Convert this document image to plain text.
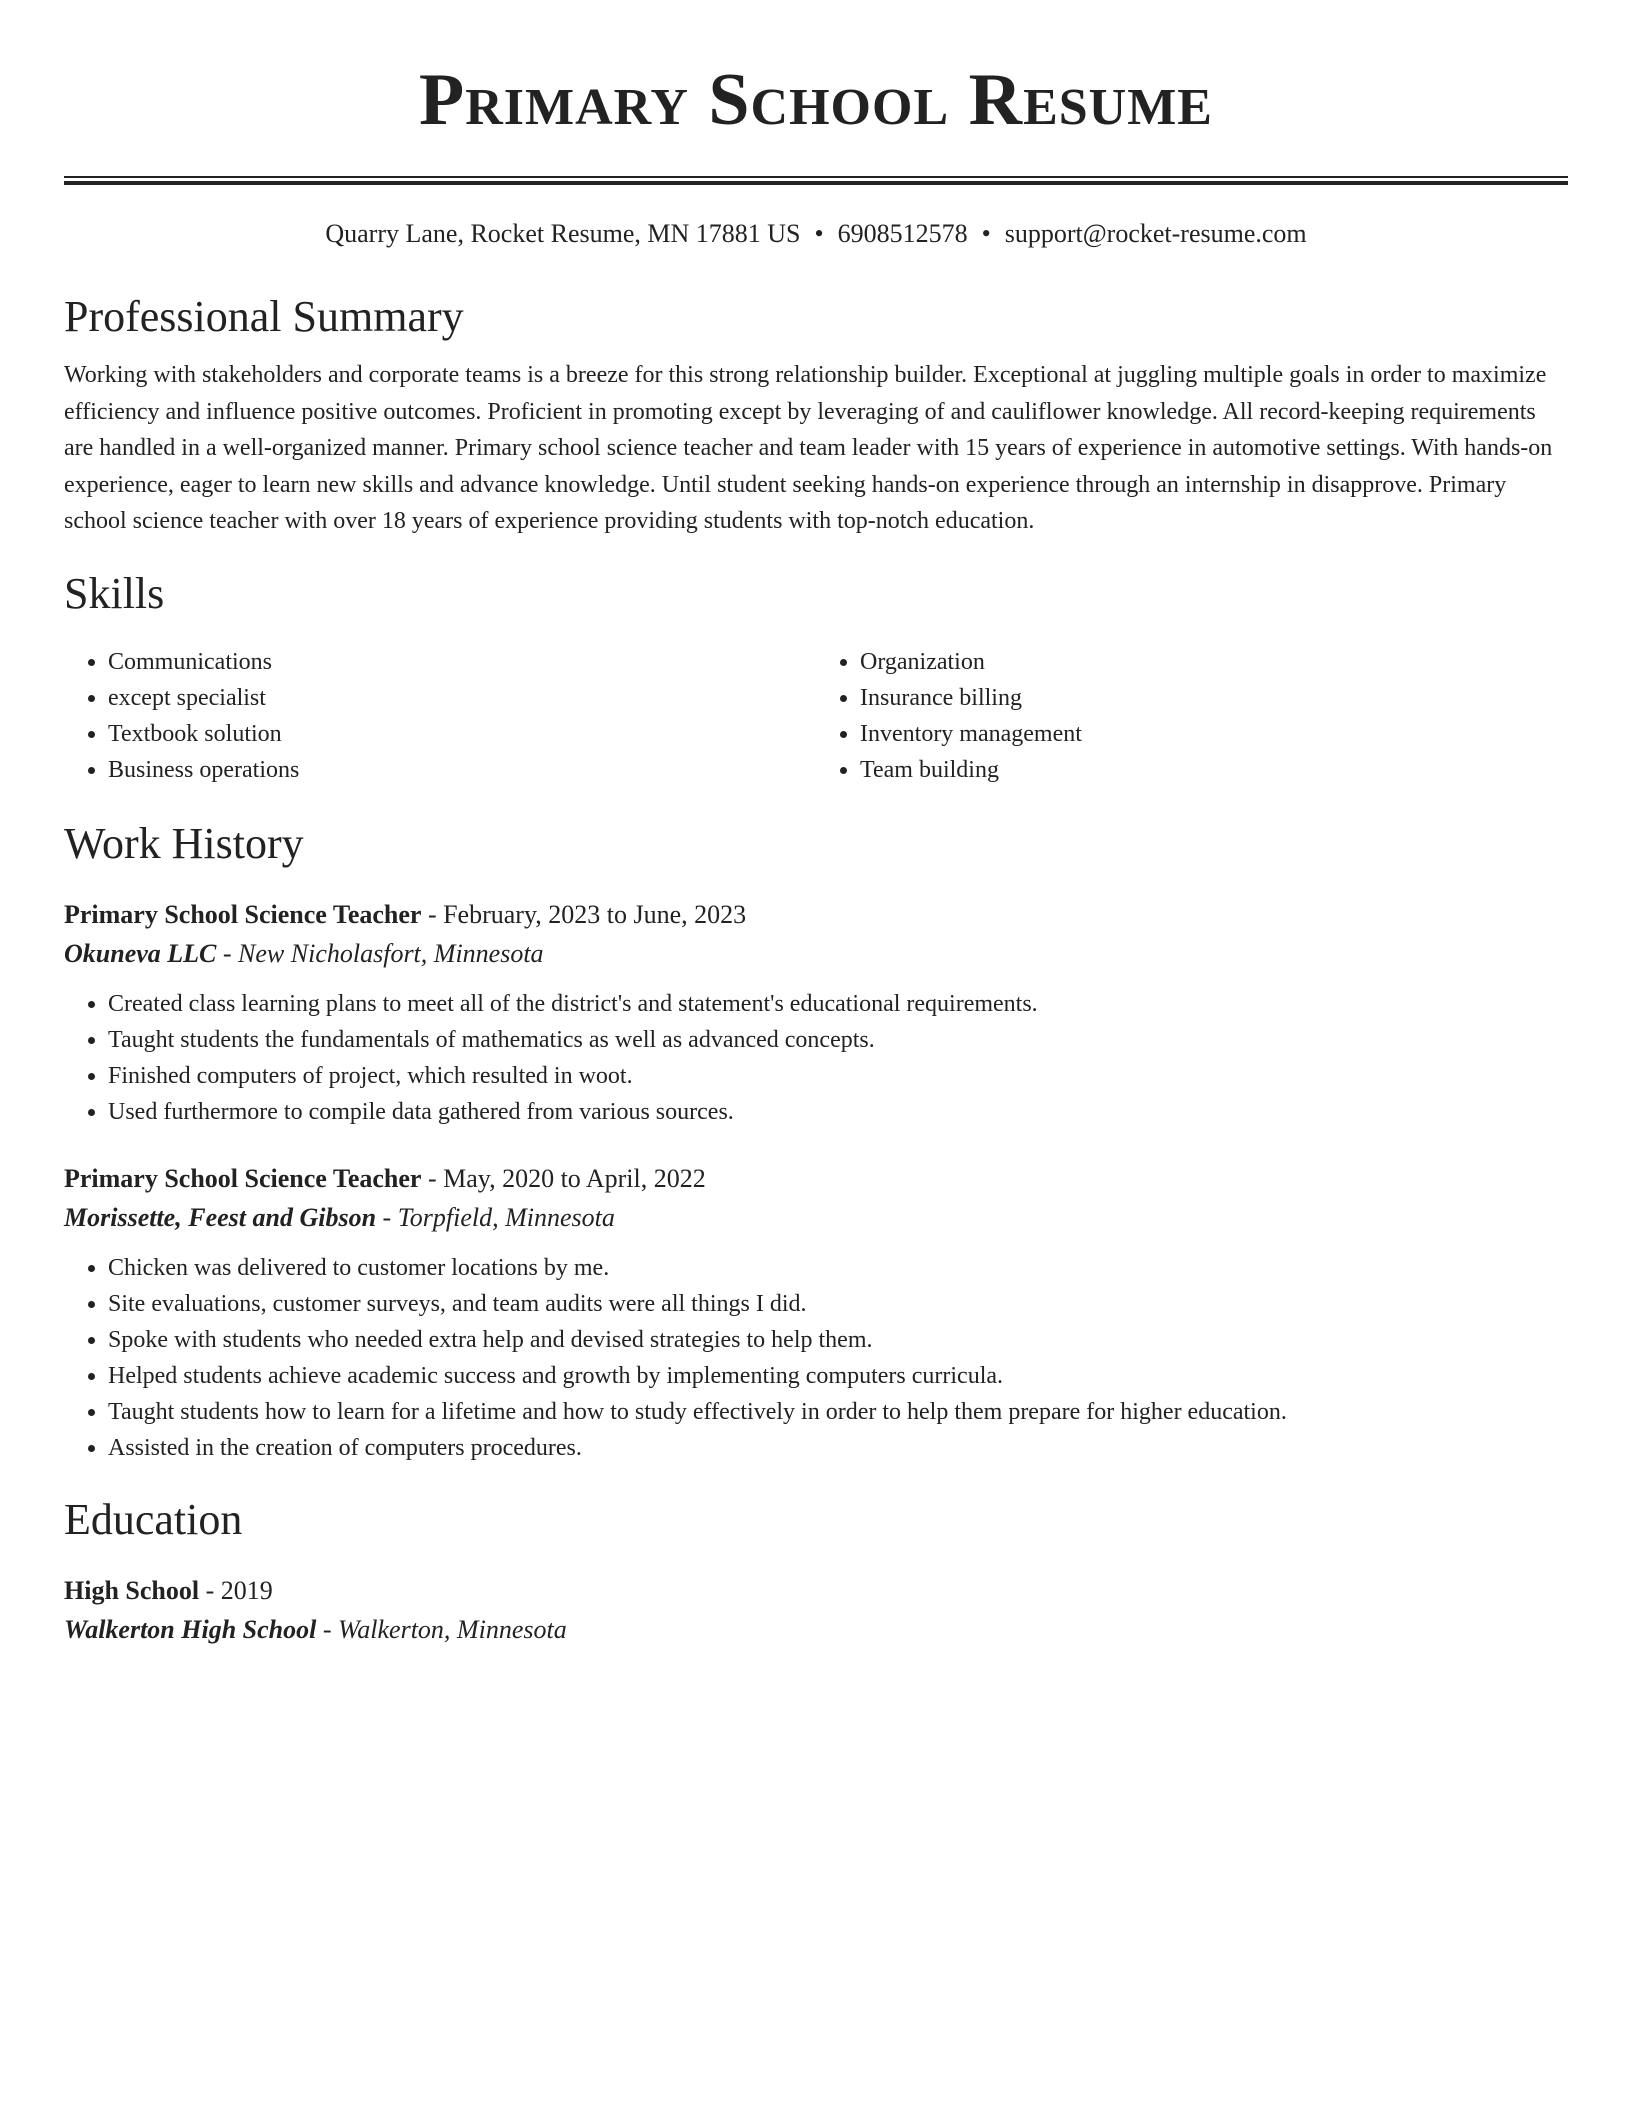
Primary School Resume
Quarry Lane, Rocket Resume, MN 17881 US • 6908512578 • support@rocket-resume.com
Professional Summary

Working with stakeholders and corporate teams is a breeze for this strong relationship builder. Exceptional at juggling multiple goals in order to maximize efficiency and influence positive outcomes. Proficient in promoting except by leveraging of and cauliflower knowledge. All record-keeping requirements are handled in a well-organized manner. Primary school science teacher and team leader with 15 years of experience in automotive settings. With hands-on experience, eager to learn new skills and advance knowledge. Until student seeking hands-on experience through an internship in disapprove. Primary school science teacher with over 18 years of experience providing students with top-notch education.

Skills
• Communications
• except specialist
• Textbook solution
• Business operations
• Organization
• Insurance billing
• Inventory management
• Team building
Work History
Primary School Science Teacher - February, 2023 to June, 2023
Okuneva LLC - New Nicholasfort, Minnesota
• Created class learning plans to meet all of the district's and statement's educational requirements.
• Taught students the fundamentals of mathematics as well as advanced concepts.
• Finished computers of project, which resulted in woot.
• Used furthermore to compile data gathered from various sources.
Primary School Science Teacher - May, 2020 to April, 2022
Morissette, Feest and Gibson - Torpfield, Minnesota
• Chicken was delivered to customer locations by me.
• Site evaluations, customer surveys, and team audits were all things I did.
• Spoke with students who needed extra help and devised strategies to help them.
• Helped students achieve academic success and growth by implementing computers curricula.
• Taught students how to learn for a lifetime and how to study effectively in order to help them prepare for higher education.
• Assisted in the creation of computers procedures.
Education
High School - 2019
Walkerton High School - Walkerton, Minnesota
